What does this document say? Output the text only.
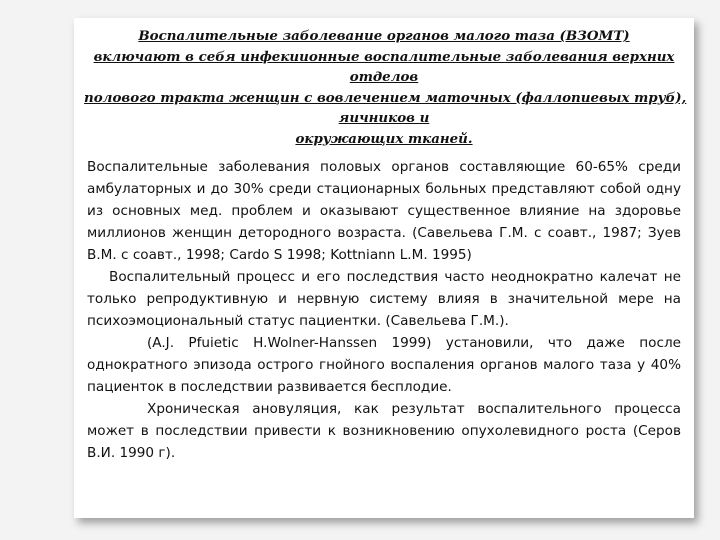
Воспалительные заболевание органов малого таза (ВЗОМТ)
включают в себя инфекиионные воспалительные заболевания верхних
отделов
полового тракта женщин с вовлечением маточных (фаллопиевых труб),
яичников и
окружающих тканей.
Воспалительные заболевания половых органов составляющие 60-65% среди амбулаторных и до 30% среди стационарных больных представляют собой одну из основных мед. проблем и оказывают существенное влияние на здоровье миллионов женщин детородного возраста. (Савельева Г.М. с соавт., 1987; Зуев В.М. с соавт., 1998; Cardo S 1998; Kottniann L.M. 1995)
Воспалительный процесс и его последствия часто неоднократно калечат не только репродуктивную и нервную систему влияя в значительной мере на психоэмоциональный статус пациентки. (Савельева Г.М.).
(A.J. Pfuietic H.Wolner-Hanssen 1999) установили, что даже после однократного эпизода острого гнойного воспаления органов малого таза у 40% пациенток в последствии развивается бесплодие.
Хроническая ановуляция, как результат воспалительного процесса может в последствии привести к возникновению опухолевидного роста (Серов В.И. 1990 г).
